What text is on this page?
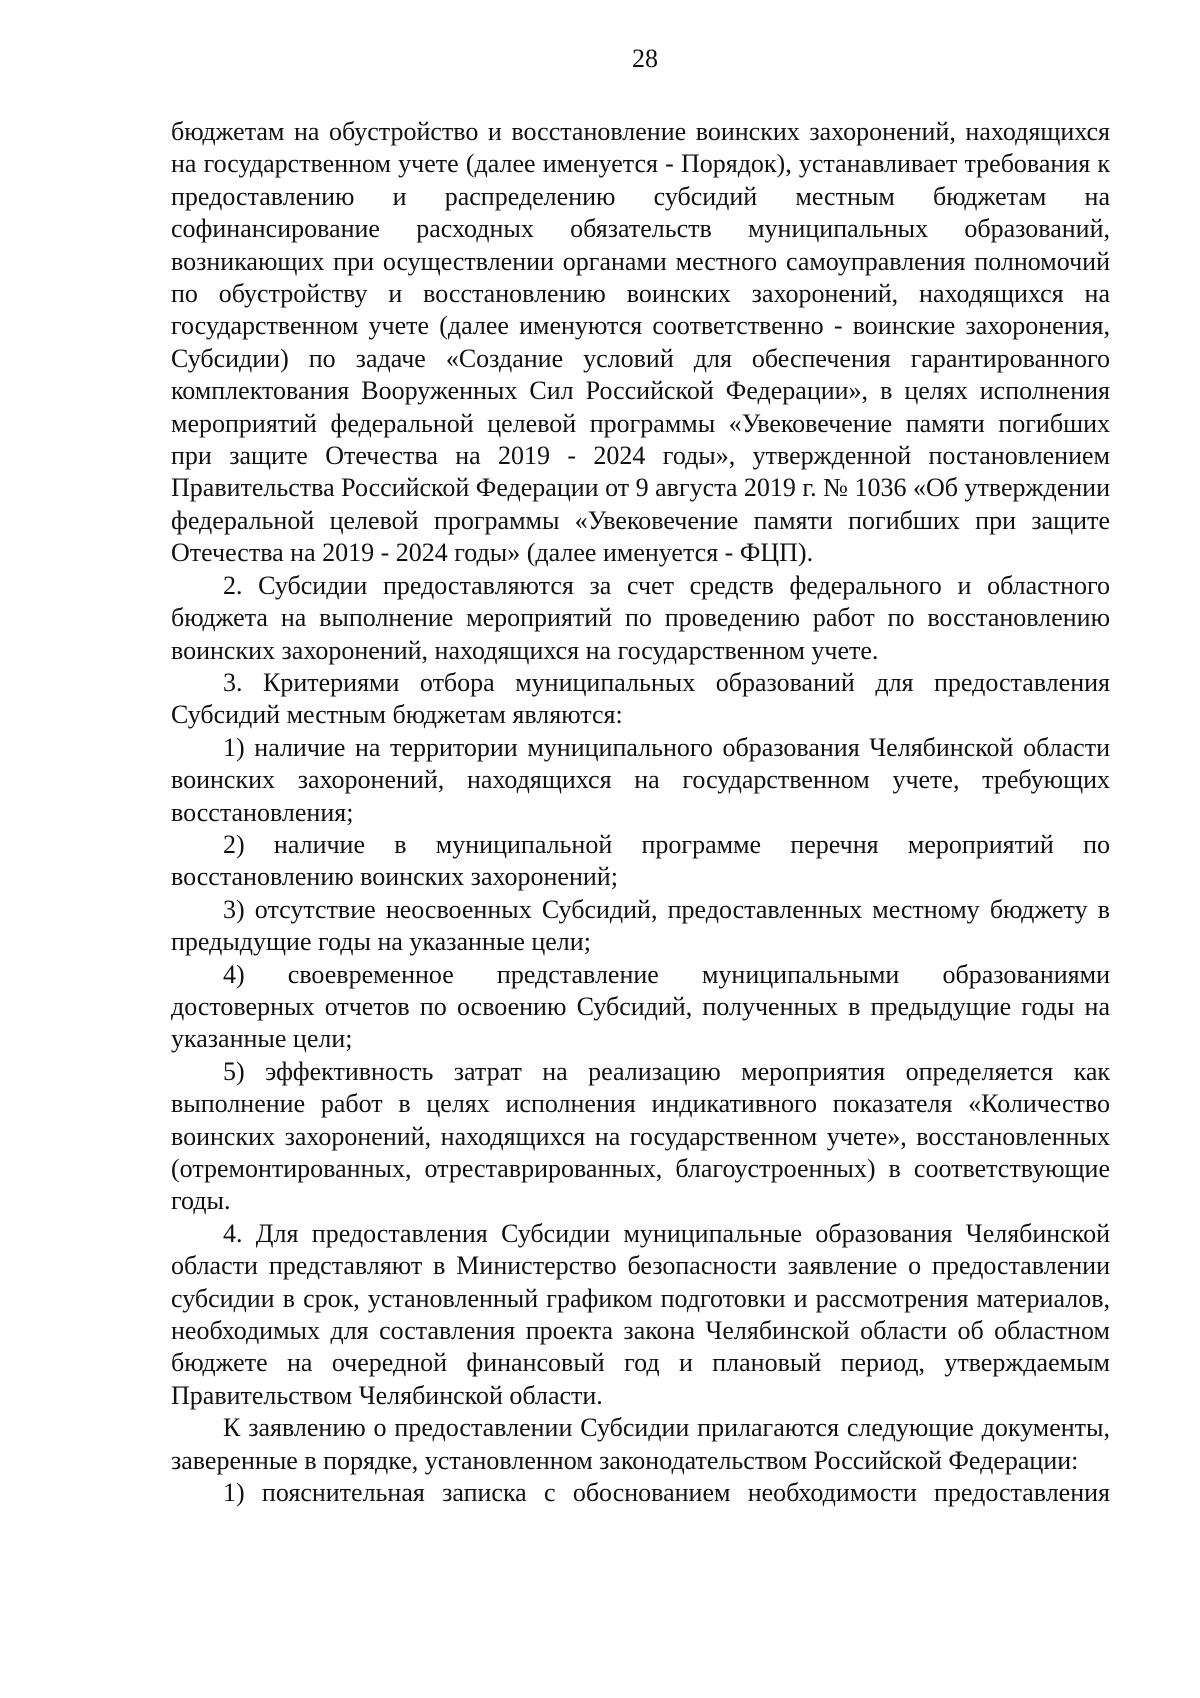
28

бюджетам на обустройство и восстановление воинских захоронений, находящихся на государственном учете (далее именуется - Порядок), устанавливает требования к предоставлению и распределению субсидий местным бюджетам на софинансирование расходных обязательств муниципальных образований, возникающих при осуществлении органами местного самоуправления полномочий по обустройству и восстановлению воинских захоронений, находящихся на государственном учете (далее именуются соответственно - воинские захоронения, Субсидии) по задаче «Создание условий для обеспечения гарантированного комплектования Вооруженных Сил Российской Федерации», в целях исполнения мероприятий федеральной целевой программы «Увековечение памяти погибших при защите Отечества на 2019 - 2024 годы», утвержденной постановлением Правительства Российской Федерации от 9 августа 2019 г. № 1036 «Об утверждении федеральной целевой программы «Увековечение памяти погибших при защите Отечества на 2019 - 2024 годы» (далее именуется - ФЦП).

2. Субсидии предоставляются за счет средств федерального и областного бюджета на выполнение мероприятий по проведению работ по восстановлению воинских захоронений, находящихся на государственном учете.

3. Критериями отбора муниципальных образований для предоставления Субсидий местным бюджетам являются:

1) наличие на территории муниципального образования Челябинской области воинских захоронений, находящихся на государственном учете, требующих восстановления;

2) наличие в муниципальной программе перечня мероприятий по восстановлению воинских захоронений;

3) отсутствие неосвоенных Субсидий, предоставленных местному бюджету в предыдущие годы на указанные цели;

4) своевременное представление муниципальными образованиями достоверных отчетов по освоению Субсидий, полученных в предыдущие годы на указанные цели;

5) эффективность затрат на реализацию мероприятия определяется как выполнение работ в целях исполнения индикативного показателя «Количество воинских захоронений, находящихся на государственном учете», восстановленных (отремонтированных, отреставрированных, благоустроенных) в соответствующие годы.

4. Для предоставления Субсидии муниципальные образования Челябинской области представляют в Министерство безопасности заявление о предоставлении субсидии в срок, установленный графиком подготовки и рассмотрения материалов, необходимых для составления проекта закона Челябинской области об областном бюджете на очередной финансовый год и плановый период, утверждаемым Правительством Челябинской области.

К заявлению о предоставлении Субсидии прилагаются следующие документы, заверенные в порядке, установленном законодательством Российской Федерации:

1) пояснительная записка с обоснованием необходимости предоставления
